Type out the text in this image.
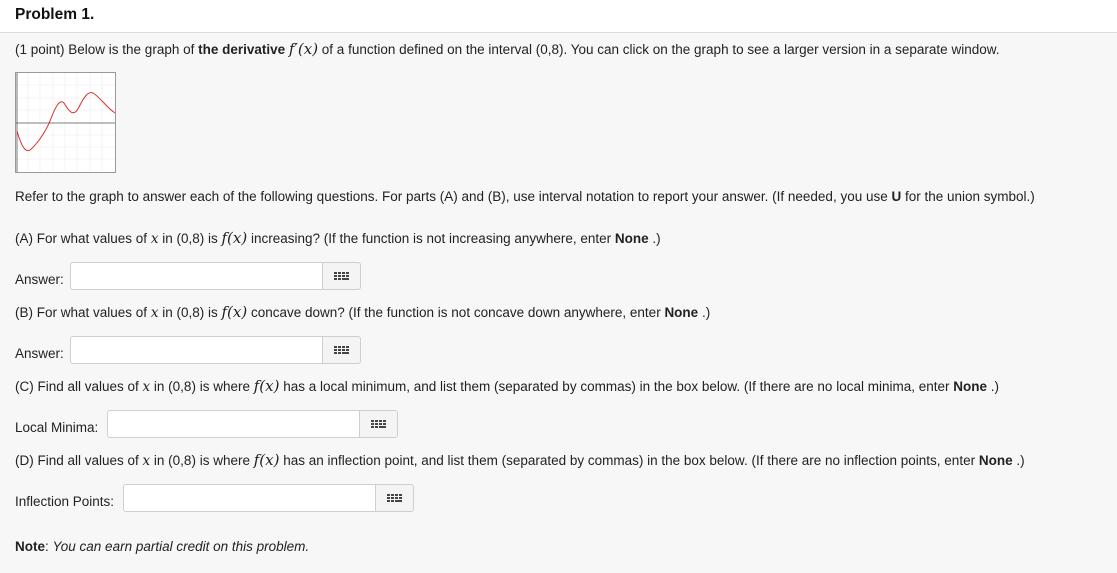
Problem 1.
(1 point) Below is the graph of the derivative f′(x) of a function defined on the interval (0,8). You can click on the graph to see a larger version in a separate window.
Refer to the graph to answer each of the following questions. For parts (A) and (B), use interval notation to report your answer. (If needed, you use U for the union symbol.)
(A) For what values of x in (0,8) is f(x) increasing? (If the function is not increasing anywhere, enter None .)
Answer:
(B) For what values of x in (0,8) is f(x) concave down? (If the function is not concave down anywhere, enter None .)
Answer:
(C) Find all values of x in (0,8) is where f(x) has a local minimum, and list them (separated by commas) in the box below. (If there are no local minima, enter None .)
Local Minima:
(D) Find all values of x in (0,8) is where f(x) has an inflection point, and list them (separated by commas) in the box below. (If there are no inflection points, enter None .)
Inflection Points:
Note: You can earn partial credit on this problem.
